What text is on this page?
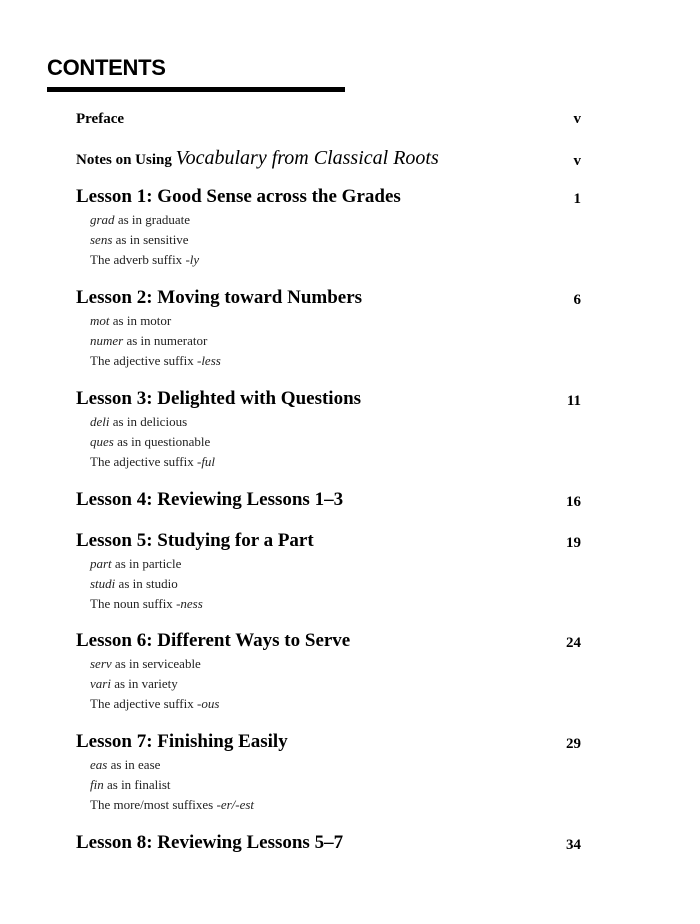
CONTENTS
Preface	v
Notes on Using Vocabulary from Classical Roots	v
Lesson 1: Good Sense across the Grades	1
grad as in graduate
sens as in sensitive
The adverb suffix -ly
Lesson 2: Moving toward Numbers	6
mot as in motor
numer as in numerator
The adjective suffix -less
Lesson 3: Delighted with Questions	11
deli as in delicious
ques as in questionable
The adjective suffix -ful
Lesson 4: Reviewing Lessons 1–3	16
Lesson 5: Studying for a Part	19
part as in particle
studi as in studio
The noun suffix -ness
Lesson 6: Different Ways to Serve	24
serv as in serviceable
vari as in variety
The adjective suffix -ous
Lesson 7: Finishing Easily	29
eas as in ease
fin as in finalist
The more/most suffixes -er/-est
Lesson 8: Reviewing Lessons 5–7	34
